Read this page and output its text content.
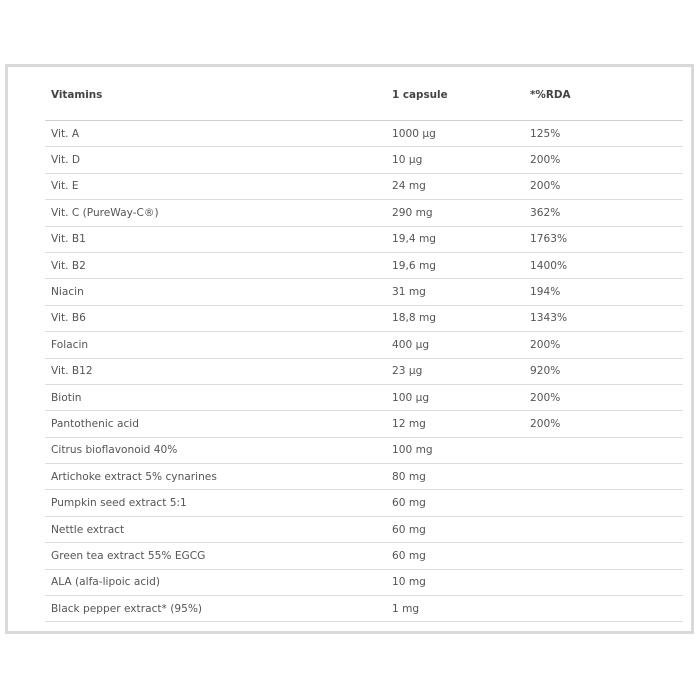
Vitamins	1 capsule	*%RDA
Vit. A	1000 µg	125%
Vit. D	10 µg	200%
Vit. E	24 mg	200%
Vit. C (PureWay-C®)	290 mg	362%
Vit. B1	19,4 mg	1763%
Vit. B2	19,6 mg	1400%
Niacin	31 mg	194%
Vit. B6	18,8 mg	1343%
Folacin	400 µg	200%
Vit. B12	23 µg	920%
Biotin	100 µg	200%
Pantothenic acid	12 mg	200%
Citrus bioflavonoid 40%	100 mg
Artichoke extract 5% cynarines	80 mg
Pumpkin seed extract 5:1	60 mg
Nettle extract	60 mg
Green tea extract 55% EGCG	60 mg
ALA (alfa-lipoic acid)	10 mg
Black pepper extract* (95%)	1 mg
